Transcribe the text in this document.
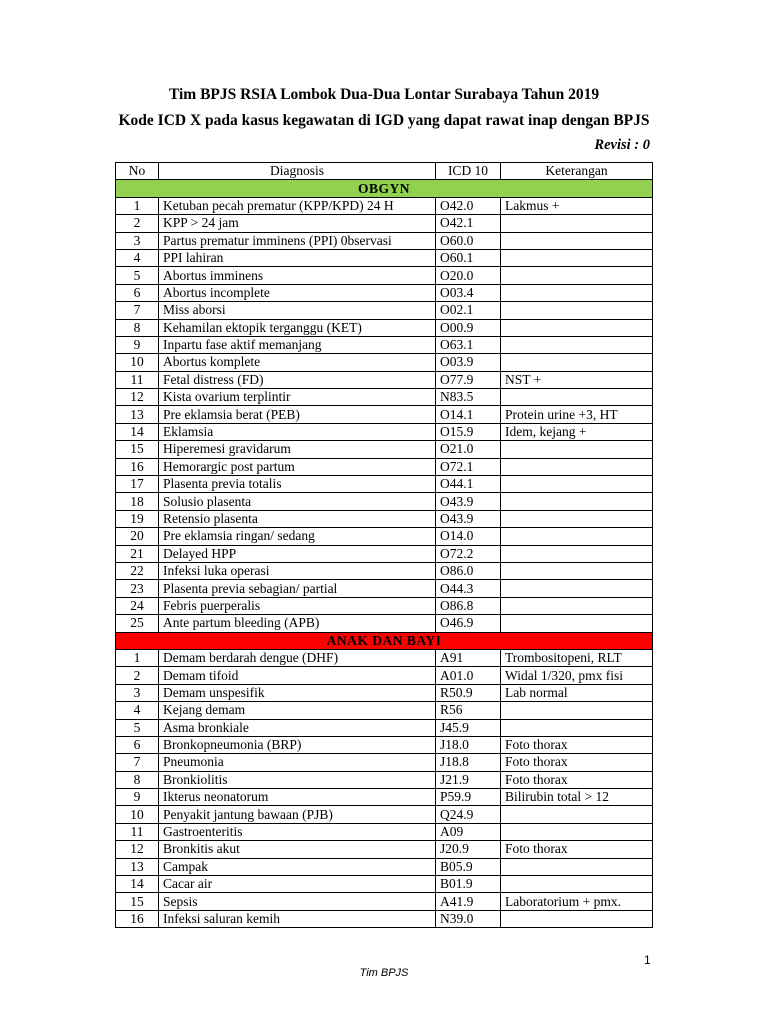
Tim BPJS RSIA Lombok Dua-Dua Lontar Surabaya Tahun 2019
Kode ICD X pada kasus kegawatan di IGD yang dapat rawat inap dengan BPJS
Revisi : 0
No	Diagnosis	ICD 10	Keterangan
OBGYN			
1	Ketuban pecah prematur (KPP/KPD) 24 H	O42.0	Lakmus +
2	KPP > 24 jam	O42.1	
3	Partus prematur imminens (PPI) 0bservasi	O60.0	
4	PPI lahiran	O60.1	
5	Abortus imminens	O20.0	
6	Abortus incomplete	O03.4	
7	Miss aborsi	O02.1	
8	Kehamilan ektopik terganggu (KET)	O00.9	
9	Inpartu fase aktif memanjang	O63.1	
10	Abortus komplete	O03.9	
11	Fetal distress (FD)	O77.9	NST +
12	Kista ovarium terplintir	N83.5	
13	Pre eklamsia berat (PEB)	O14.1	Protein urine +3, HT
14	Eklamsia	O15.9	Idem, kejang +
15	Hiperemesi gravidarum	O21.0	
16	Hemorargic post partum	O72.1	
17	Plasenta previa totalis	O44.1	
18	Solusio plasenta	O43.9	
19	Retensio plasenta	O43.9	
20	Pre eklamsia ringan/ sedang	O14.0	
21	Delayed HPP	O72.2	
22	Infeksi luka operasi	O86.0	
23	Plasenta previa sebagian/ partial	O44.3	
24	Febris puerperalis	O86.8	
25	Ante partum bleeding (APB)	O46.9	
ANAK DAN BAYI			
1	Demam berdarah dengue (DHF)	A91	Trombositopeni, RLT
2	Demam tifoid	A01.0	Widal 1/320, pmx fisi
3	Demam unspesifik	R50.9	Lab normal
4	Kejang demam	R56	
5	Asma bronkiale	J45.9	
6	Bronkopneumonia (BRP)	J18.0	Foto thorax
7	Pneumonia	J18.8	Foto thorax
8	Bronkiolitis	J21.9	Foto thorax
9	Ikterus neonatorum	P59.9	Bilirubin total > 12
10	Penyakit jantung bawaan (PJB)	Q24.9	
11	Gastroenteritis	A09	
12	Bronkitis akut	J20.9	Foto thorax
13	Campak	B05.9	
14	Cacar air	B01.9	
15	Sepsis	A41.9	Laboratorium + pmx.
16	Infeksi saluran kemih	N39.0	
1
Tim BPJS
